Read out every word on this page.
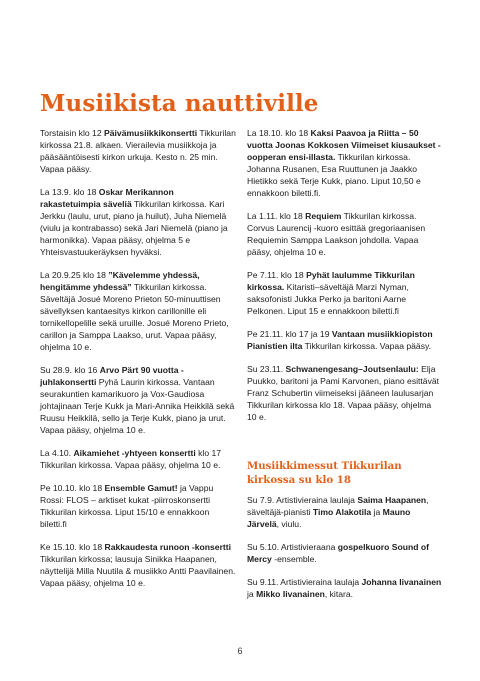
Musiikista nauttiville

Torstaisin klo 12 Päivämusiikkikonsertti Tikkurilan kirkossa 21.8. alkaen. Vierailevia musiikkoja ja pääsääntöisesti kirkon urkuja. Kesto n. 25 min. Vapaa pääsy.

La 13.9. klo 18 Oskar Merikannon rakastetuimpia säveliä Tikkurilan kirkossa. Kari Jerkku (laulu, urut, piano ja huilut), Juha Niemelä (viulu ja kontrabasso) sekä Jari Niemelä (piano ja harmonikka). Vapaa pääsy, ohjelma 5 e Yhteisvastuukeräyksen hyväksi.

La 20.9.25 klo 18 ”Kävelemme yhdessä, hengitämme yhdessä” Tikkurilan kirkossa. Säveltäjä Josué Moreno Prieton 50-minuuttisen sävellyksen kantaesitys kirkon carillonille eli tornikellopelille sekä uruille. Josué Moreno Prieto, carillon ja Samppa Laakso, urut. Vapaa pääsy, ohjelma 10 e.

Su 28.9. klo 16 Arvo Pärt 90 vuotta -juhlakonsertti Pyhä Laurin kirkossa. Vantaan seurakuntien kamarikuoro ja Vox-Gaudiosa johtajinaan Terje Kukk ja Mari-Annika Heikkilä sekä Ruusu Heikkilä, sello ja Terje Kukk, piano ja urut. Vapaa pääsy, ohjelma 10 e.

La 4.10. Aikamiehet -yhtyeen konsertti klo 17 Tikkurilan kirkossa. Vapaa pääsy, ohjelma 10 e.

Pe 10.10. klo 18 Ensemble Gamut! ja Vappu Rossi: FLOS – arktiset kukat -piirroskonsertti Tikkurilan kirkossa. Liput 15/10 e ennakkoon biletti.fi

Ke 15.10. klo 18 Rakkaudesta runoon -konsertti Tikkurilan kirkossa; lausuja Sinikka Haapanen, näyttelijä Milla Nuutila & musiikko Antti Paavilainen. Vapaa pääsy, ohjelma 10 e.

La 18.10. klo 18 Kaksi Paavoa ja Riitta – 50 vuotta Joonas Kokkosen Viimeiset kiusaukset -oopperan ensi-illasta. Tikkurilan kirkossa. Johanna Rusanen, Esa Ruuttunen ja Jaakko Hietikko sekä Terje Kukk, piano. Liput 10,50 e ennakkoon biletti.fi.

La 1.11. klo 18 Requiem Tikkurilan kirkossa. Corvus Laurencij -kuoro esittää gregoriaanisen Requiemin Samppa Laakson johdolla. Vapaa pääsy, ohjelma 10 e.

Pe 7.11. klo 18 Pyhät laulumme Tikkurilan kirkossa. Kitaristi–säveltäjä Marzi Nyman, saksofonisti Jukka Perko ja baritoni Aarne Pelkonen. Liput 15 e ennakkoon biletti.fi

Pe 21.11. klo 17 ja 19 Vantaan musiikkiopiston Pianistien ilta Tikkurilan kirkossa. Vapaa pääsy.

Su 23.11. Schwanengesang–Joutsenlaulu: Elja Puukko, baritoni ja Pami Karvonen, piano esittävät Franz Schubertin viimeiseksi jääneen laulusarjan Tikkurilan kirkossa klo 18. Vapaa pääsy, ohjelma 10 e.

Musiikkimessut Tikkurilan kirkossa su klo 18

Su 7.9. Artistivieraina laulaja Saima Haapanen, säveltäjä-pianisti Timo Alakotila ja Mauno Järvelä, viulu.

Su 5.10. Artistivieraana gospelkuoro Sound of Mercy -ensemble.

Su 9.11. Artistivieraina laulaja Johanna Iivanainen ja Mikko Iivanainen, kitara.

6
